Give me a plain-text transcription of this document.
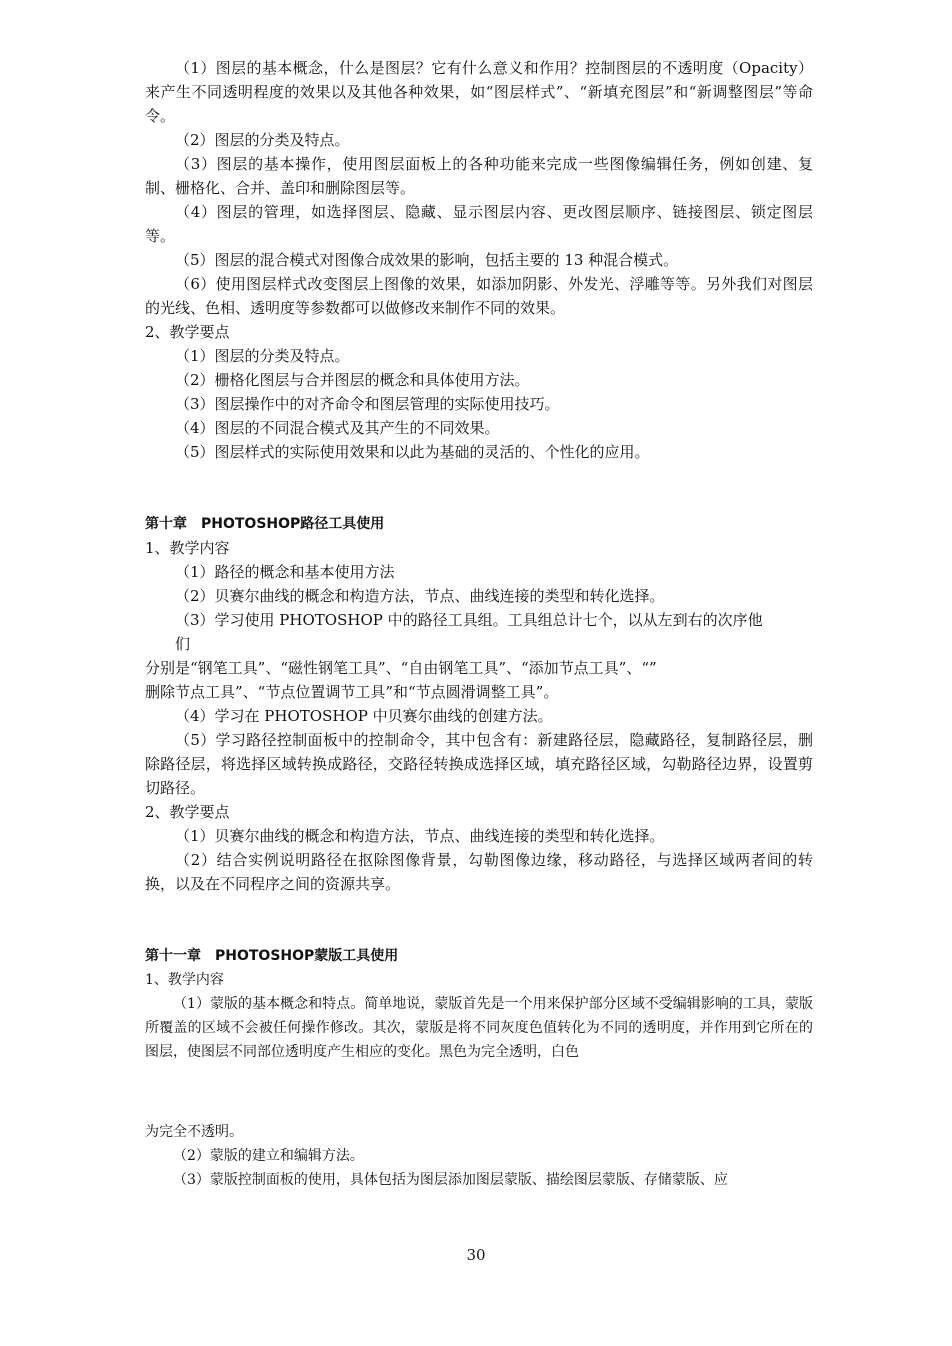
（1）图层的基本概念，什么是图层？它有什么意义和作用？控制图层的不透明度（Opacity）来产生不同透明程度的效果以及其他各种效果，如“图层样式”、“新填充图层”和“新调整图层”等命令。

（2）图层的分类及特点。

（3）图层的基本操作，使用图层面板上的各种功能来完成一些图像编辑任务，例如创建、复制、栅格化、合并、盖印和删除图层等。

（4）图层的管理，如选择图层、隐藏、显示图层内容、更改图层顺序、链接图层、锁定图层等。

（5）图层的混合模式对图像合成效果的影响，包括主要的 13 种混合模式。

（6）使用图层样式改变图层上图像的效果，如添加阴影、外发光、浮雕等等。另外我们对图层的光线、色相、透明度等参数都可以做修改来制作不同的效果。

2、教学要点

（1）图层的分类及特点。

（2）栅格化图层与合并图层的概念和具体使用方法。

（3）图层操作中的对齐命令和图层管理的实际使用技巧。

（4）图层的不同混合模式及其产生的不同效果。

（5）图层样式的实际使用效果和以此为基础的灵活的、个性化的应用。

第十章　PHOTOSHOP路径工具使用

1、教学内容

（1）路径的概念和基本使用方法

（2）贝赛尔曲线的概念和构造方法，节点、曲线连接的类型和转化选择。

（3）学习使用 PHOTOSHOP 中的路径工具组。工具组总计七个，以从左到右的次序他

们

分别是“钢笔工具”、“磁性钢笔工具”、“自由钢笔工具”、“添加节点工具”、“”

删除节点工具”、“节点位置调节工具”和“节点圆滑调整工具”。

（4）学习在 PHOTOSHOP 中贝赛尔曲线的创建方法。

（5）学习路径控制面板中的控制命令，其中包含有：新建路径层，隐藏路径，复制路径层，删除路径层，将选择区域转换成路径，交路径转换成选择区域，填充路径区域，勾勒路径边界，设置剪切路径。

2、教学要点

（1）贝赛尔曲线的概念和构造方法，节点、曲线连接的类型和转化选择。

（2）结合实例说明路径在抠除图像背景，勾勒图像边缘，移动路径，与选择区域两者间的转换，以及在不同程序之间的资源共享。

第十一章　PHOTOSHOP蒙版工具使用

1、教学内容

（1）蒙版的基本概念和特点。简单地说，蒙版首先是一个用来保护部分区域不受编辑影响的工具，蒙版所覆盖的区域不会被任何操作修改。其次，蒙版是将不同灰度色值转化为不同的透明度，并作用到它所在的图层，使图层不同部位透明度产生相应的变化。黑色为完全透明，白色

为完全不透明。

（2）蒙版的建立和编辑方法。

（3）蒙版控制面板的使用，具体包括为图层添加图层蒙版、描绘图层蒙版、存储蒙版、应

30
